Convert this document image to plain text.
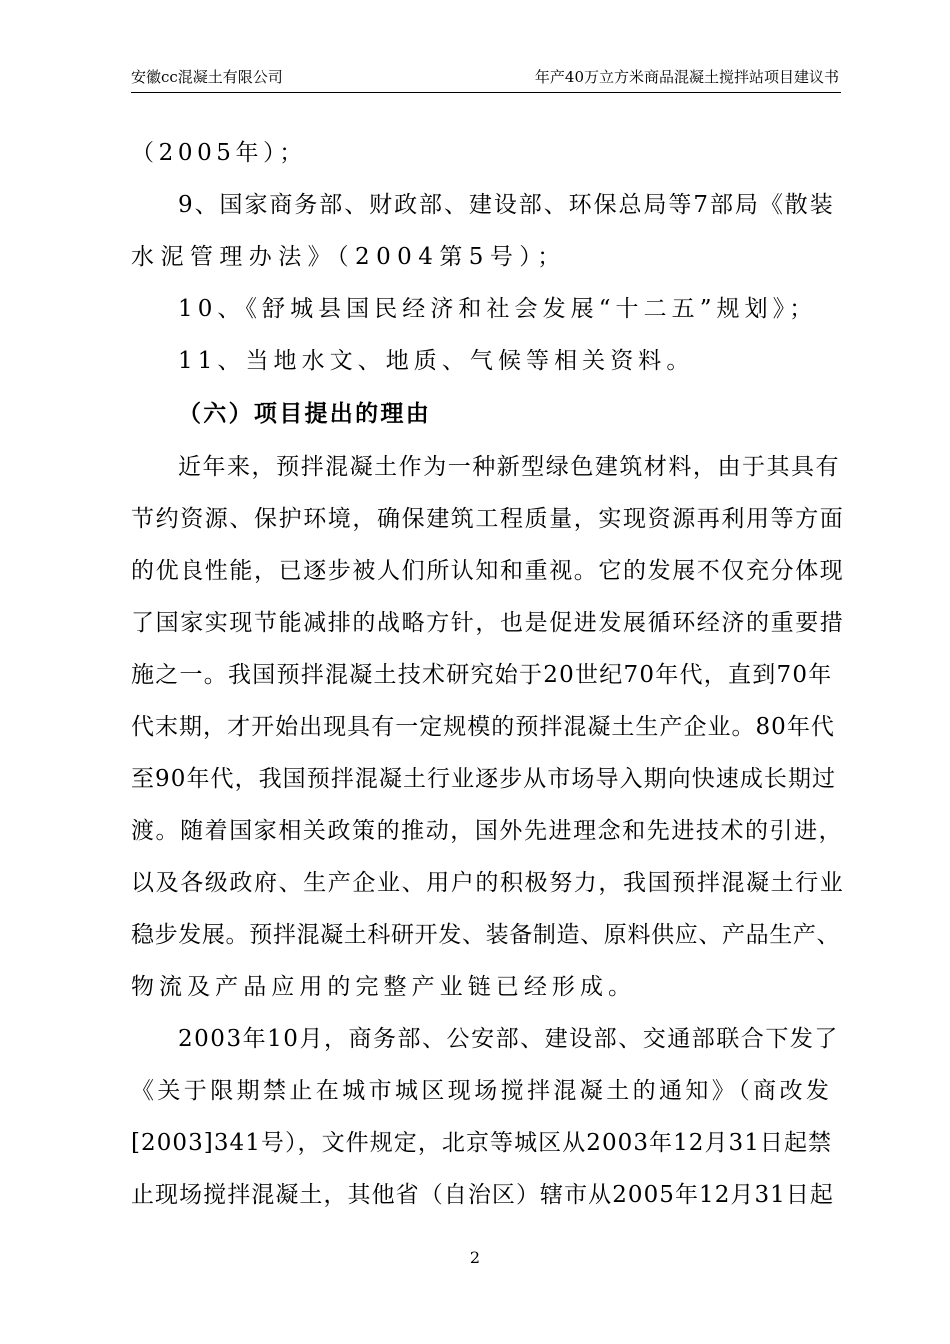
安徽cc混凝土有限公司	年产40万立方米商品混凝土搅拌站项目建议书
（2005年）；
9、国家商务部、财政部、建设部、环保总局等7部局《散装
水泥管理办法》（2004第5号）；
10、《舒城县国民经济和社会发展“十二五”规划》；
11、当地水文、地质、气候等相关资料。
（六）项目提出的理由
近年来，预拌混凝土作为一种新型绿色建筑材料，由于其具有
节约资源、保护环境，确保建筑工程质量，实现资源再利用等方面
的优良性能，已逐步被人们所认知和重视。它的发展不仅充分体现
了国家实现节能减排的战略方针，也是促进发展循环经济的重要措
施之一。我国预拌混凝土技术研究始于20世纪70年代，直到70年
代末期，才开始出现具有一定规模的预拌混凝土生产企业。80年代
至90年代，我国预拌混凝土行业逐步从市场导入期向快速成长期过
渡。随着国家相关政策的推动，国外先进理念和先进技术的引进，
以及各级政府、生产企业、用户的积极努力，我国预拌混凝土行业
稳步发展。预拌混凝土科研开发、装备制造、原料供应、产品生产、
物流及产品应用的完整产业链已经形成。
2003年10月，商务部、公安部、建设部、交通部联合下发了
《关于限期禁止在城市城区现场搅拌混凝土的通知》（商改发
[2003]341号），文件规定，北京等城区从2003年12月31日起禁
止现场搅拌混凝土，其他省（自治区）辖市从2005年12月31日起
2
